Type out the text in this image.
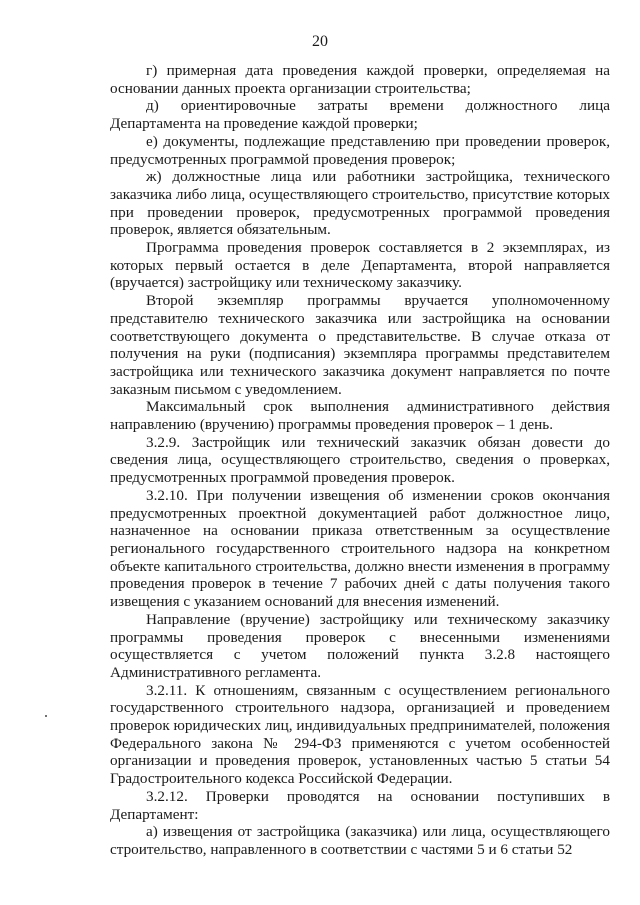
20

г) примерная дата проведения каждой проверки, определяемая на основании данных проекта организации строительства;

д) ориентировочные затраты времени должностного лица Департамента на проведение каждой проверки;

е) документы, подлежащие представлению при проведении проверок, предусмотренных программой проведения проверок;

ж) должностные лица или работники застройщика, технического заказчика либо лица, осуществляющего строительство, присутствие которых при проведении проверок, предусмотренных программой проведения проверок, является обязательным.

Программа проведения проверок составляется в 2 экземплярах, из которых первый остается в деле Департамента, второй направляется (вручается) застройщику или техническому заказчику.

Второй экземпляр программы вручается уполномоченному представителю технического заказчика или застройщика на основании соответствующего документа о представительстве. В случае отказа от получения на руки (подписания) экземпляра программы представителем застройщика или технического заказчика документ направляется по почте заказным письмом с уведомлением.

Максимальный срок выполнения административного действия направлению (вручению) программы проведения проверок – 1 день.

3.2.9. Застройщик или технический заказчик обязан довести до сведения лица, осуществляющего строительство, сведения о проверках, предусмотренных программой проведения проверок.

3.2.10. При получении извещения об изменении сроков окончания предусмотренных проектной документацией работ должностное лицо, назначенное на основании приказа ответственным за осуществление регионального государственного строительного надзора на конкретном объекте капитального строительства, должно внести изменения в программу проведения проверок в течение 7 рабочих дней с даты получения такого извещения с указанием оснований для внесения изменений.

Направление (вручение) застройщику или техническому заказчику программы проведения проверок с внесенными изменениями осуществляется с учетом положений пункта 3.2.8 настоящего Административного регламента.

3.2.11. К отношениям, связанным с осуществлением регионального государственного строительного надзора, организацией и проведением проверок юридических лиц, индивидуальных предпринимателей, положения Федерального закона № 294-ФЗ применяются с учетом особенностей организации и проведения проверок, установленных частью 5 статьи 54 Градостроительного кодекса Российской Федерации.

3.2.12. Проверки проводятся на основании поступивших в Департамент:

а) извещения от застройщика (заказчика) или лица, осуществляющего строительство, направленного в соответствии с частями 5 и 6 статьи 52
